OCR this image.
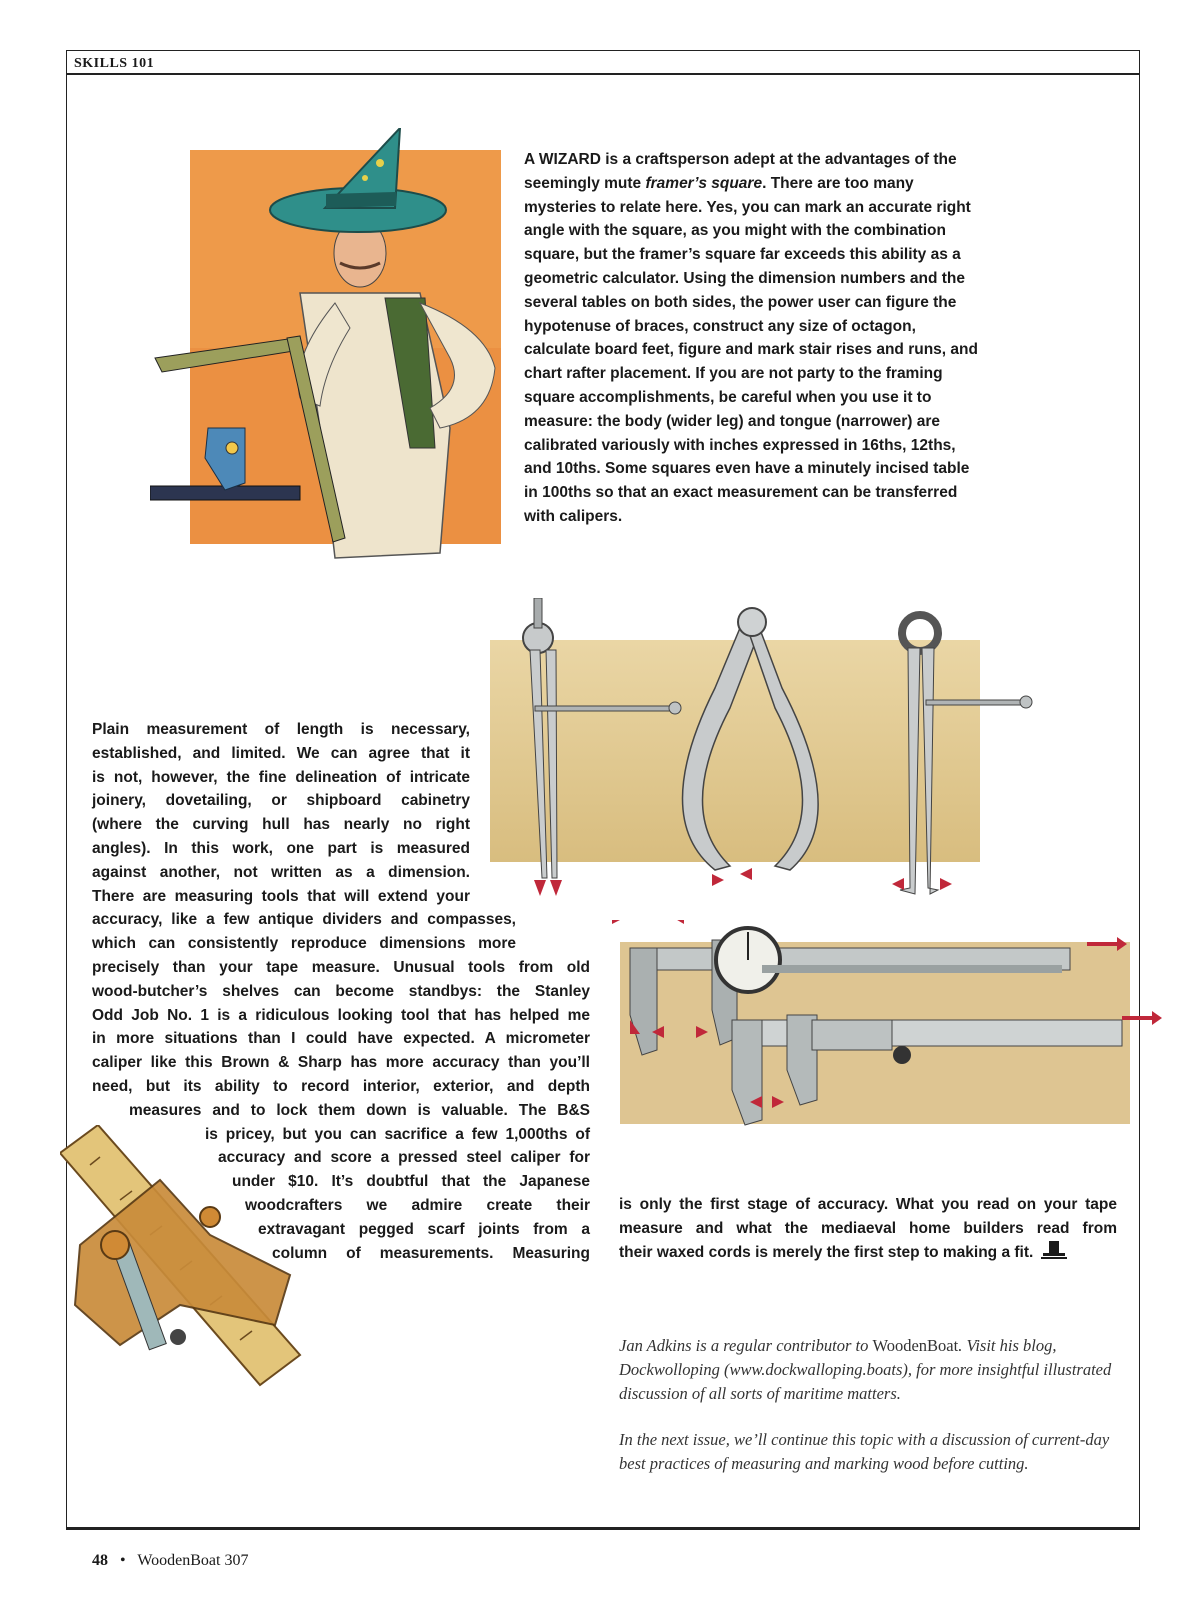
SKILLS 101

A WIZARD is a craftsperson adept at the advantages of the seemingly mute framer’s square. There are too many mysteries to relate here. Yes, you can mark an accurate right angle with the square, as you might with the combination square, but the framer’s square far exceeds this ability as a geometric calculator. Using the dimension numbers and the several tables on both sides, the power user can figure the hypotenuse of braces, construct any size of octagon, calculate board feet, figure and mark stair rises and runs, and chart rafter placement. If you are not party to the framing square accomplishments, be careful when you use it to measure: the body (wider leg) and tongue (narrower) are calibrated variously with inches expressed in 16ths, 12ths, and 10ths. Some squares even have a minutely incised table in 100ths so that an exact measurement can be transferred with calipers.

Plain measurement of length is necessary,
established, and limited. We can agree that it
is not, however, the fine delineation of intricate
joinery, dovetailing, or shipboard cabinetry
(where the curving hull has nearly no right
angles). In this work, one part is measured
against another, not written as a dimension.
There are measuring tools that will extend your
accuracy, like a few antique dividers and compasses,
which can consistently reproduce dimensions more
precisely than your tape measure. Unusual tools from old
wood-butcher’s shelves can become standbys: the Stanley
Odd Job No. 1 is a ridiculous looking tool that has helped me
in more situations than I could have expected. A micrometer
caliper like this Brown & Sharp has more accuracy than you’ll
need, but its ability to record interior, exterior, and depth
measures and to lock them down is valuable. The B&S
is pricey, but you can sacrifice a few 1,000ths of
accuracy and score a pressed steel caliper for
under $10. It’s doubtful that the Japanese
woodcrafters we admire create their
extravagant pegged scarf joints from a
column of measurements. Measuring

is only the first stage of accuracy. What you read on your tape
measure and what the mediaeval home builders read from
their waxed cords is merely the first step to making a fit.

Jan Adkins is a regular contributor to WoodenBoat. Visit his blog, Dockwolloping (www.dockwalloping.boats), for more insightful illustrated discussion of all sorts of maritime matters.

In the next issue, we’ll continue this topic with a discussion of current-day best practices of measuring and marking wood before cutting.

48 • WoodenBoat 307
